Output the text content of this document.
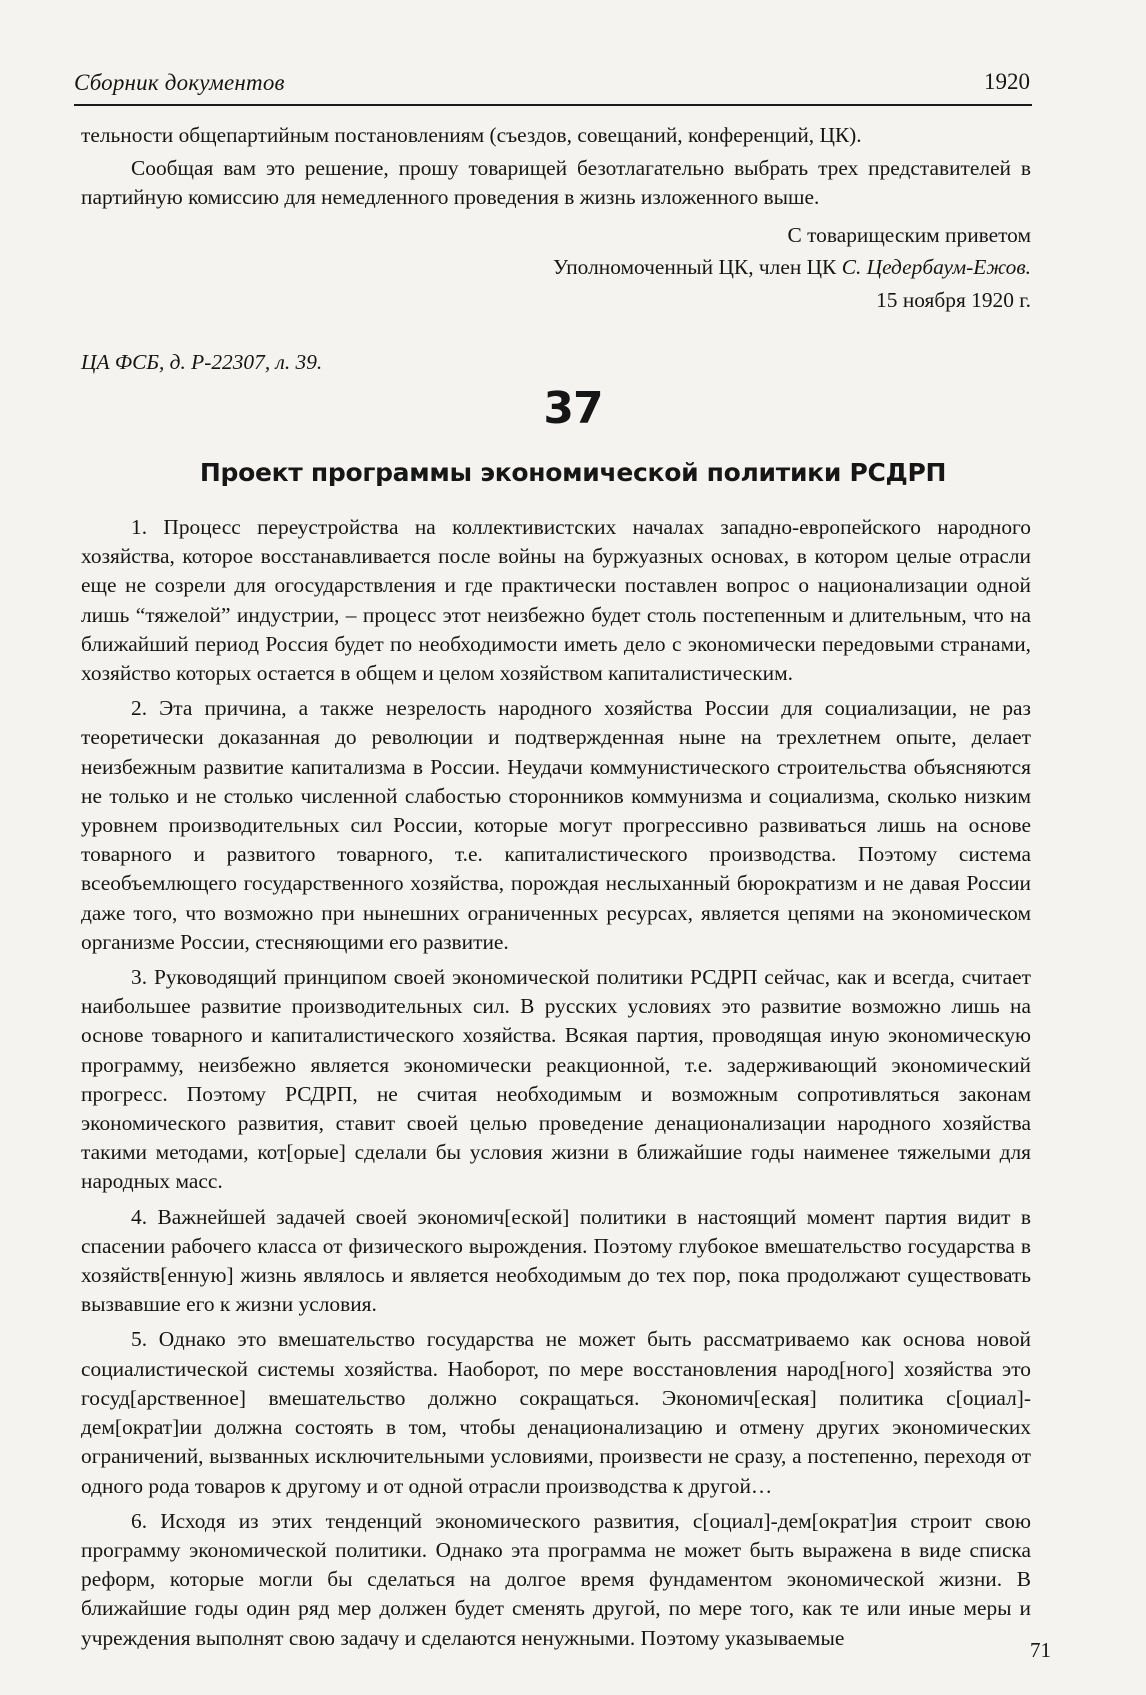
Сборник документов	1920

тельности общепартийным постановлениям (съездов, совещаний, конференций, ЦК).

Сообщая вам это решение, прошу товарищей безотлагательно выбрать трех представителей в партийную комиссию для немедленного проведения в жизнь изложенного выше.

С товарищеским приветом
Уполномоченный ЦК, член ЦК С. Цедербаум-Ежов.
15 ноября 1920 г.
ЦА ФСБ, д. Р-22307, л. 39.
37
Проект программы экономической политики РСДРП

1. Процесс переустройства на коллективистских началах западно-европейского народного хозяйства, которое восстанавливается после войны на буржуазных основах, в котором целые отрасли еще не созрели для огосударствления и где практически поставлен вопрос о национализации одной лишь “тяжелой” индустрии, – процесс этот неизбежно будет столь постепенным и длительным, что на ближайший период Россия будет по необходимости иметь дело с экономически передовыми странами, хозяйство которых остается в общем и целом хозяйством капиталистическим.

2. Эта причина, а также незрелость народного хозяйства России для социализации, не раз теоретически доказанная до революции и подтвержденная ныне на трехлетнем опыте, делает неизбежным развитие капитализма в России. Неудачи коммунистического строительства объясняются не только и не столько численной слабостью сторонников коммунизма и социализма, сколько низким уровнем производительных сил России, которые могут прогрессивно развиваться лишь на основе товарного и развитого товарного, т.е. капиталистического производства. Поэтому система всеобъемлющего государственного хозяйства, порождая неслыханный бюрократизм и не давая России даже того, что возможно при нынешних ограниченных ресурсах, является цепями на экономическом организме России, стесняющими его развитие.

3. Руководящий принципом своей экономической политики РСДРП сейчас, как и всегда, считает наибольшее развитие производительных сил. В русских условиях это развитие возможно лишь на основе товарного и капиталистического хозяйства. Всякая партия, проводящая иную экономическую программу, неизбежно является экономически реакционной, т.е. задерживающий экономический прогресс. Поэтому РСДРП, не считая необходимым и возможным сопротивляться законам экономического развития, ставит своей целью проведение денационализации народного хозяйства такими методами, кот[орые] сделали бы условия жизни в ближайшие годы наименее тяжелыми для народных масс.

4. Важнейшей задачей своей экономич[еской] политики в настоящий момент партия видит в спасении рабочего класса от физического вырождения. Поэтому глубокое вмешательство государства в хозяйств[енную] жизнь являлось и является необходимым до тех пор, пока продолжают существовать вызвавшие его к жизни условия.

5. Однако это вмешательство государства не может быть рассматриваемо как основа новой социалистической системы хозяйства. Наоборот, по мере восстановления народ[ного] хозяйства это госуд[арственное] вмешательство должно сокращаться. Экономич[еская] политика с[оциал]-дем[ократ]ии должна состоять в том, чтобы денационализацию и отмену других экономических ограничений, вызванных исключительными условиями, произвести не сразу, а постепенно, переходя от одного рода товаров к другому и от одной отрасли производства к другой…

6. Исходя из этих тенденций экономического развития, с[оциал]-дем[ократ]ия строит свою программу экономической политики. Однако эта программа не может быть выражена в виде списка реформ, которые могли бы сделаться на долгое время фундаментом экономической жизни. В ближайшие годы один ряд мер должен будет сменять другой, по мере того, как те или иные меры и учреждения выполнят свою задачу и сделаются ненужными. Поэтому указываемые

71
